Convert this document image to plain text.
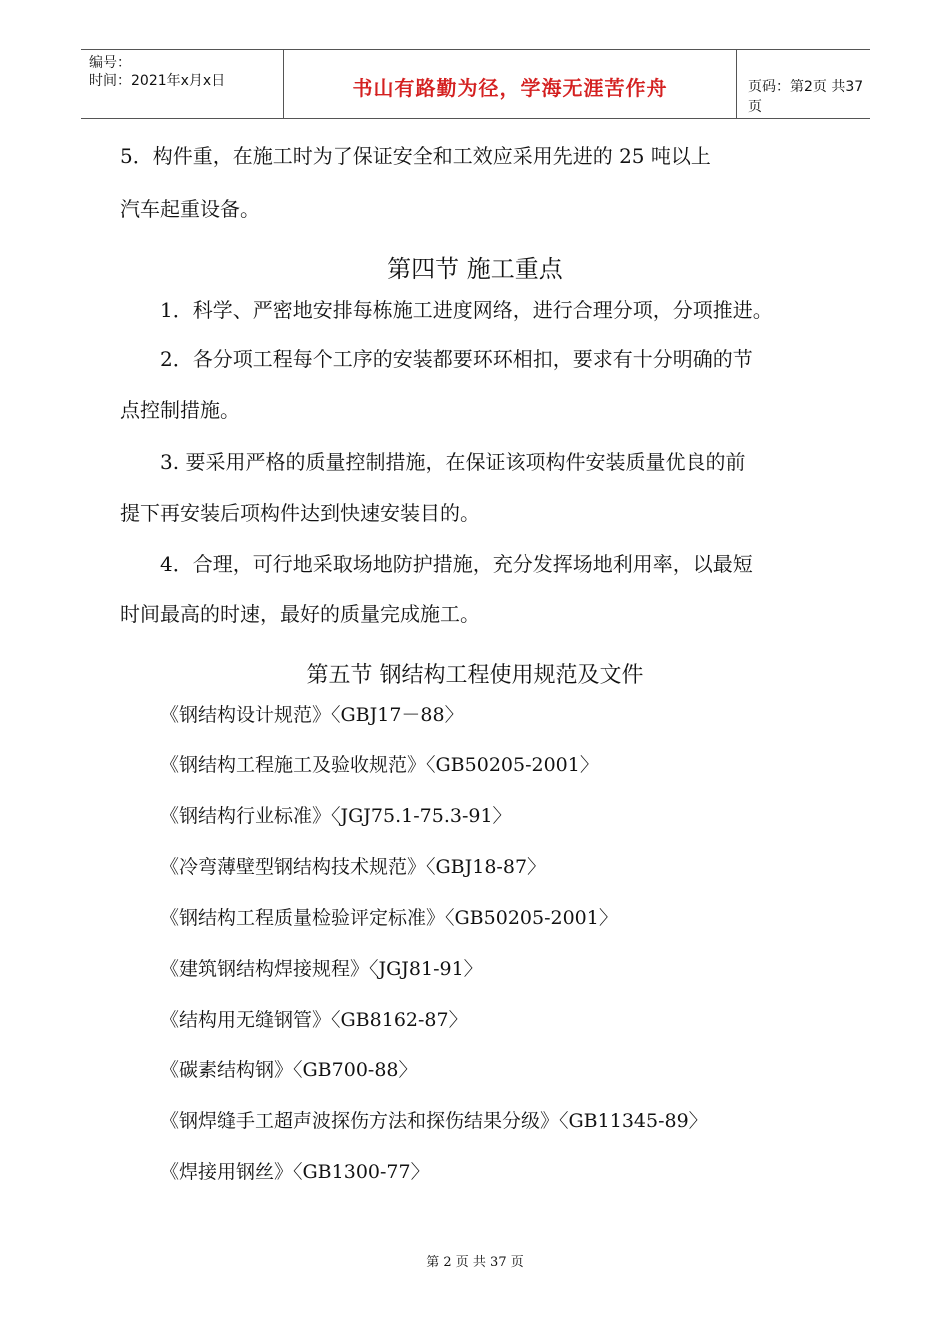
编号：
时间：2021年x月x日	书山有路勤为径，学海无涯苦作舟	页码：第2页 共37页
5．构件重，在施工时为了保证安全和工效应采用先进的 25 吨以上
汽车起重设备。
第四节 施工重点
1．科学、严密地安排每栋施工进度网络，进行合理分项，分项推进。
2．各分项工程每个工序的安装都要环环相扣，要求有十分明确的节
点控制措施。
3. 要采用严格的质量控制措施，在保证该项构件安装质量优良的前
提下再安装后项构件达到快速安装目的。
4．合理，可行地采取场地防护措施，充分发挥场地利用率，以最短
时间最高的时速，最好的质量完成施工。
第五节 钢结构工程使用规范及文件
《钢结构设计规范》〈GBJ17－88〉
《钢结构工程施工及验收规范》〈GB50205-2001〉
《钢结构行业标准》〈JGJ75.1-75.3-91〉
《冷弯薄壁型钢结构技术规范》〈GBJ18-87〉
《钢结构工程质量检验评定标准》〈GB50205-2001〉
《建筑钢结构焊接规程》〈JGJ81-91〉
《结构用无缝钢管》〈GB8162-87〉
《碳素结构钢》〈GB700-88〉
《钢焊缝手工超声波探伤方法和探伤结果分级》〈GB11345-89〉
《焊接用钢丝》〈GB1300-77〉
第 2 页 共 37 页
